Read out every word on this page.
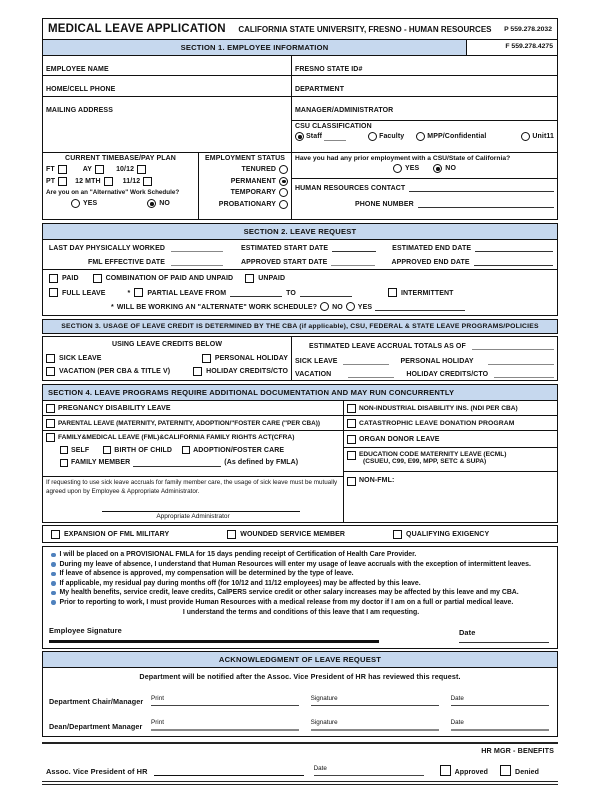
MEDICAL LEAVE APPLICATION	CALIFORNIA STATE UNIVERSITY, FRESNO - HUMAN RESOURCES	P 559.278.2032
SECTION 1. EMPLOYEE INFORMATION	F 559.278.4275
EMPLOYEE NAME	FRESNO STATE ID#
HOME/CELL PHONE	DEPARTMENT
MAILING ADDRESS	MANAGER/ADMINISTRATOR
CSU CLASSIFICATION
Staff	Faculty	MPP/Confidential	Unit11
CURRENT TIMEBASE/PAY PLAN
FT	AY	10/12
PT	12 MTH	11/12
Are you on an "Alternative" Work Schedule?
YES	NO
EMPLOYMENT STATUS
TENURED
PERMANENT
TEMPORARY
PROBATIONARY
Have you had any prior employment with a CSU/State of California?
YES	NO
HUMAN RESOURCES CONTACT
PHONE NUMBER
SECTION 2. LEAVE REQUEST
LAST DAY PHYSICALLY WORKED	ESTIMATED START DATE	ESTIMATED END DATE
FML EFFECTIVE DATE	APPROVED START DATE	APPROVED END DATE
PAID	COMBINATION OF PAID AND UNPAID	UNPAID
FULL LEAVE	* PARTIAL LEAVE FROM	TO	INTERMITTENT
* WILL BE WORKING AN "ALTERNATE" WORK SCHEDULE? NO YES
SECTION 3. USAGE OF LEAVE CREDIT IS DETERMINED BY THE CBA (if applicable), CSU, FEDERAL & STATE LEAVE PROGRAMS/POLICIES
USING LEAVE CREDITS BELOW
SICK LEAVE	PERSONAL HOLIDAY
VACATION (PER CBA & TITLE V)	HOLIDAY CREDITS/CTO
ESTIMATED LEAVE ACCRUAL TOTALS AS OF
SICK LEAVE	PERSONAL HOLIDAY
VACATION	HOLIDAY CREDITS/CTO
SECTION 4. LEAVE PROGRAMS REQUIRE ADDITIONAL DOCUMENTATION AND MAY RUN CONCURRENTLY
PREGNANCY DISABILITY LEAVE
PARENTAL LEAVE (MATERNITY, PATERNITY, ADOPTION/"FOSTER CARE ("PER CBA))
FAMILY&MEDICAL LEAVE (FML)&CALIFORNIA FAMILY RIGHTS ACT(CFRA)
SELF	BIRTH OF CHILD	ADOPTION/FOSTER CARE
FAMILY MEMBER	(As defined by FMLA)
If requesting to use sick leave accruals for family member care, the usage of sick leave must be mutually agreed upon by Employee & Appropriate Administrator.
Appropriate Administrator
NON-INDUSTRIAL DISABILITY INS. (NDI PER CBA)
CATASTROPHIC LEAVE DONATION PROGRAM
ORGAN DONOR LEAVE
EDUCATION CODE MATERNITY LEAVE (ECML)
(CSUEU, C99, E99, MPP, SETC & SUPA)
NON-FML:
EXPANSION OF FML MILITARY	WOUNDED SERVICE MEMBER	QUALIFYING EXIGENCY
I will be placed on a PROVISIONAL FMLA for 15 days pending receipt of Certification of Health Care Provider.
During my leave of absence, I understand that Human Resources will enter my usage of leave accruals with the exception of intermittent leaves.
If leave of absence is approved, my compensation will be determined by the type of leave.
If applicable, my residual pay during months off (for 10/12 and 11/12 employees) may be affected by this leave.
My health benefits, service credit, leave credits, CalPERS service credit or other salary increases may be affected by this leave and my CBA.
Prior to reporting to work, I must provide Human Resources with a medical release from my doctor if I am on a full or partial medical leave.
I understand the terms and conditions of this leave that I am requesting.
Employee Signature	Date
ACKNOWLEDGMENT OF LEAVE REQUEST
Department will be notified after the Assoc. Vice President of HR has reviewed this request.
Department Chair/Manager	Print	Signature	Date
Dean/Department Manager	Print	Signature	Date
HR MGR - BENEFITS
Assoc. Vice President of HR	Date
Approved	Denied
